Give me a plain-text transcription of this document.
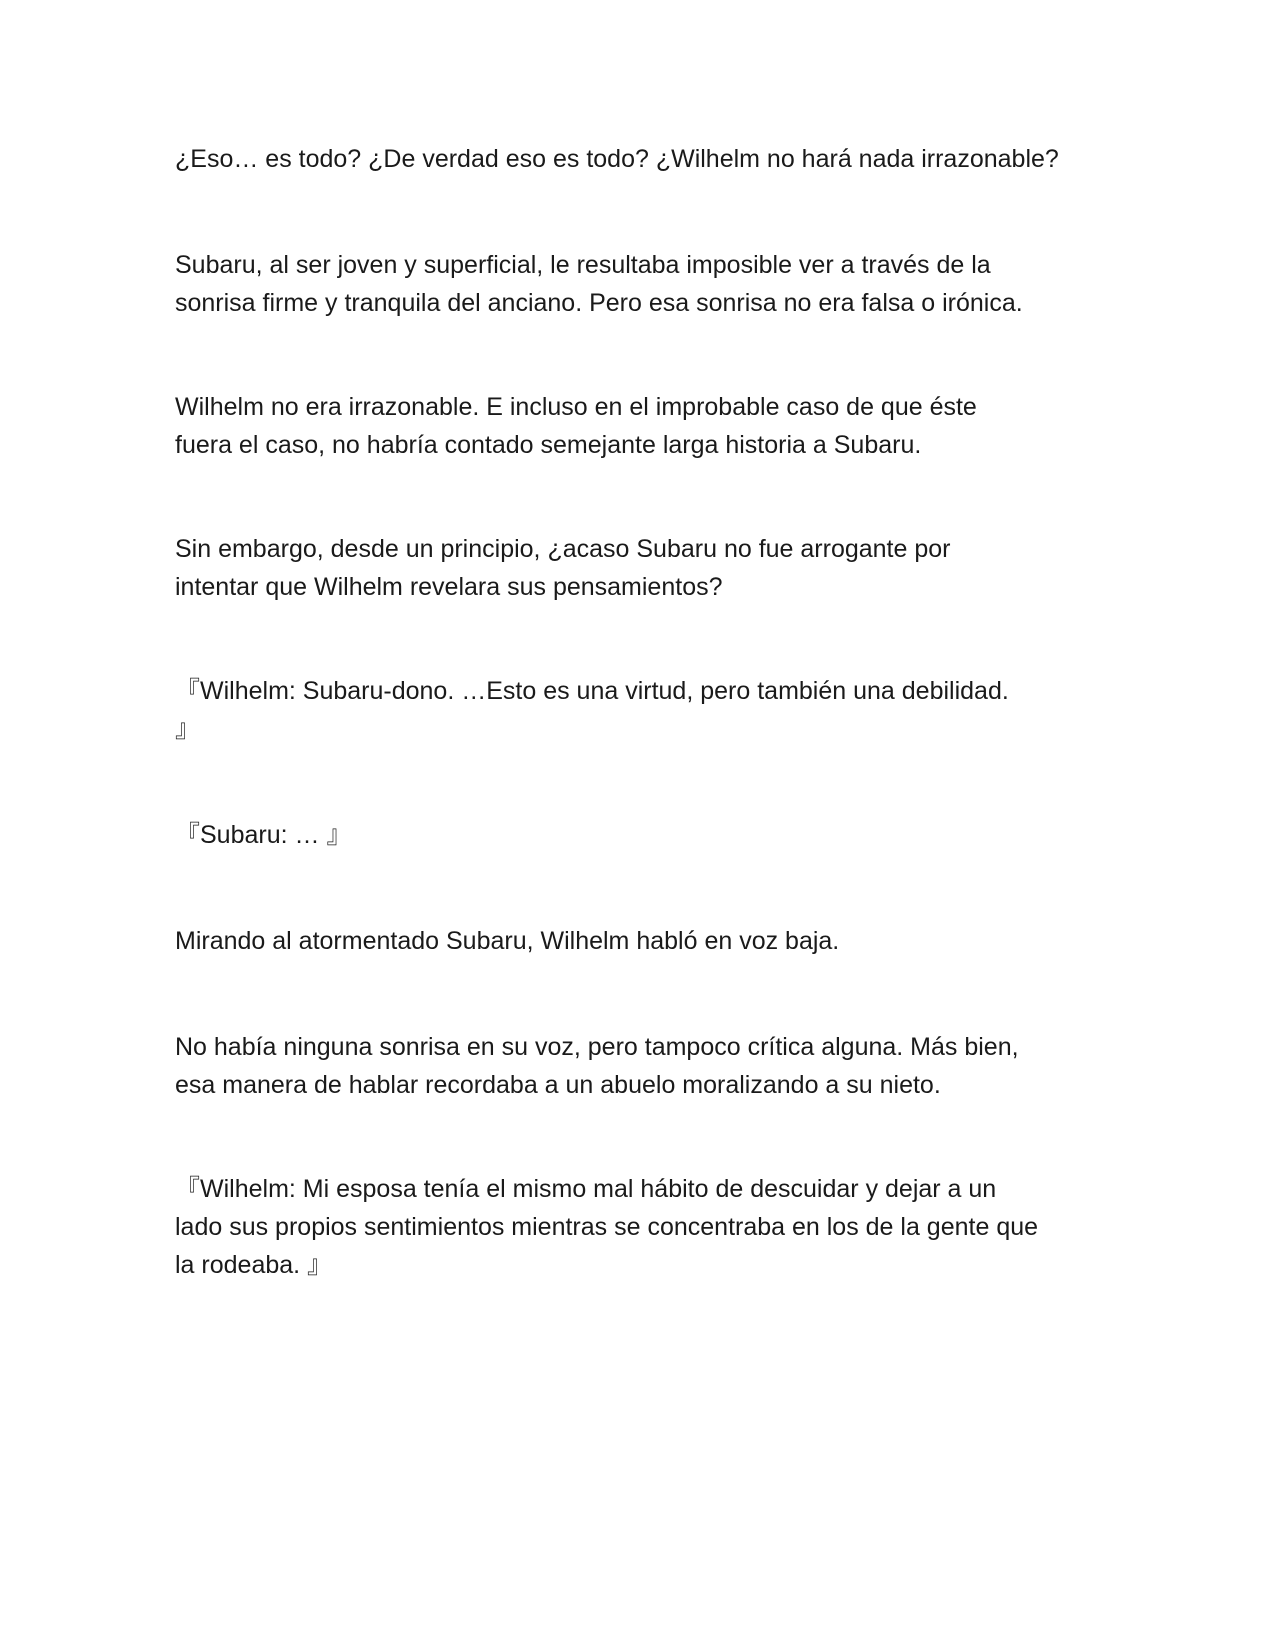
¿Eso… es todo? ¿De verdad eso es todo? ¿Wilhelm no hará nada irrazonable?

Subaru, al ser joven y superficial, le resultaba imposible ver a través de la
sonrisa firme y tranquila del anciano. Pero esa sonrisa no era falsa o irónica.

Wilhelm no era irrazonable. E incluso en el improbable caso de que éste
fuera el caso, no habría contado semejante larga historia a Subaru.

Sin embargo, desde un principio, ¿acaso Subaru no fue arrogante por
intentar que Wilhelm revelara sus pensamientos?

『Wilhelm: Subaru-dono. …Esto es una virtud, pero también una debilidad.
』

『Subaru: … 』

Mirando al atormentado Subaru, Wilhelm habló en voz baja.

No había ninguna sonrisa en su voz, pero tampoco crítica alguna. Más bien,
esa manera de hablar recordaba a un abuelo moralizando a su nieto.

『Wilhelm: Mi esposa tenía el mismo mal hábito de descuidar y dejar a un
lado sus propios sentimientos mientras se concentraba en los de la gente que
la rodeaba. 』
